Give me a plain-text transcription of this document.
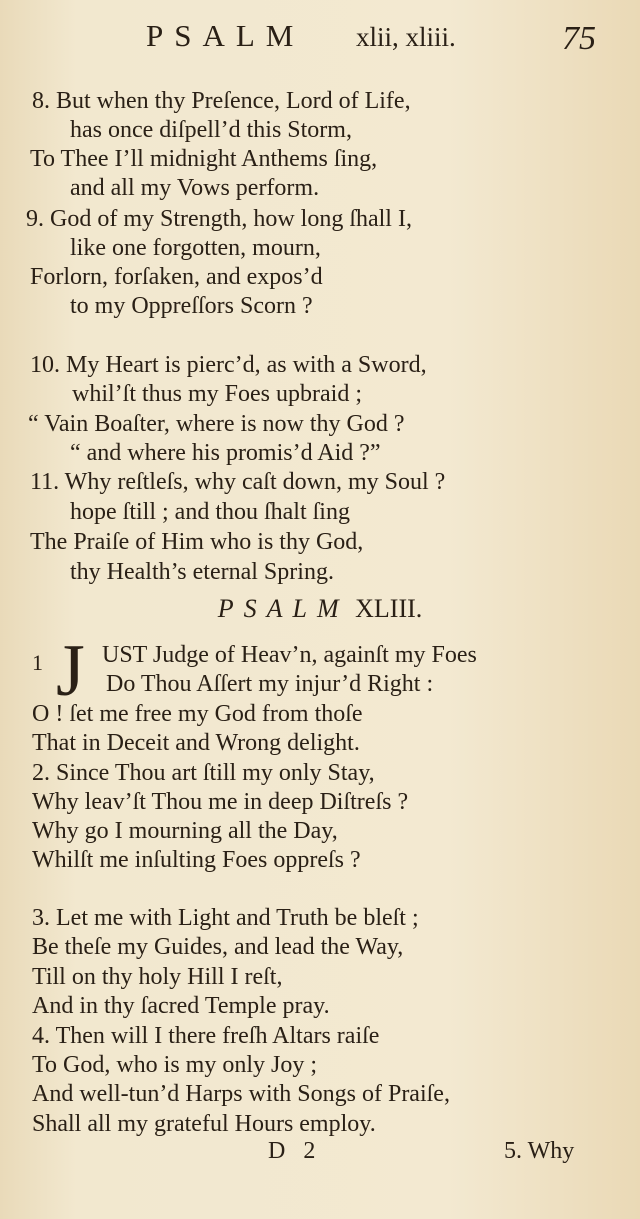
PSALM xlii, xliii.	75
8. But when thy Preſence, Lord of Life,
has once diſpell’d this Storm,
To Thee I’ll midnight Anthems ſing,
and all my Vows perform.
9. God of my Strength, how long ſhall I,
like one forgotten, mourn,
Forlorn, forſaken, and expos’d
to my Oppreſſors Scorn ?
10. My Heart is pierc’d, as with a Sword,
whil’ſt thus my Foes upbraid ;
“ Vain Boaſter, where is now thy God ?
“ and where his promis’d Aid ?”
11. Why reſtleſs, why caſt down, my Soul ?
hope ſtill ; and thou ſhalt ſing
The Praiſe of Him who is thy God,
thy Health’s eternal Spring.
PSALM XLIII.
1 J UST Judge of Heav’n, againſt my Foes
Do Thou Aſſert my injur’d Right :
O ! ſet me free my God from thoſe
That in Deceit and Wrong delight.
2. Since Thou art ſtill my only Stay,
Why leav’ſt Thou me in deep Diſtreſs ?
Why go I mourning all the Day,
Whilſt me inſulting Foes oppreſs ?
3. Let me with Light and Truth be bleſt ;
Be theſe my Guides, and lead the Way,
Till on thy holy Hill I reſt,
And in thy ſacred Temple pray.
4. Then will I there freſh Altars raiſe
To God, who is my only Joy ;
And well-tun’d Harps with Songs of Praiſe,
Shall all my grateful Hours employ.
D 2	5. Why
